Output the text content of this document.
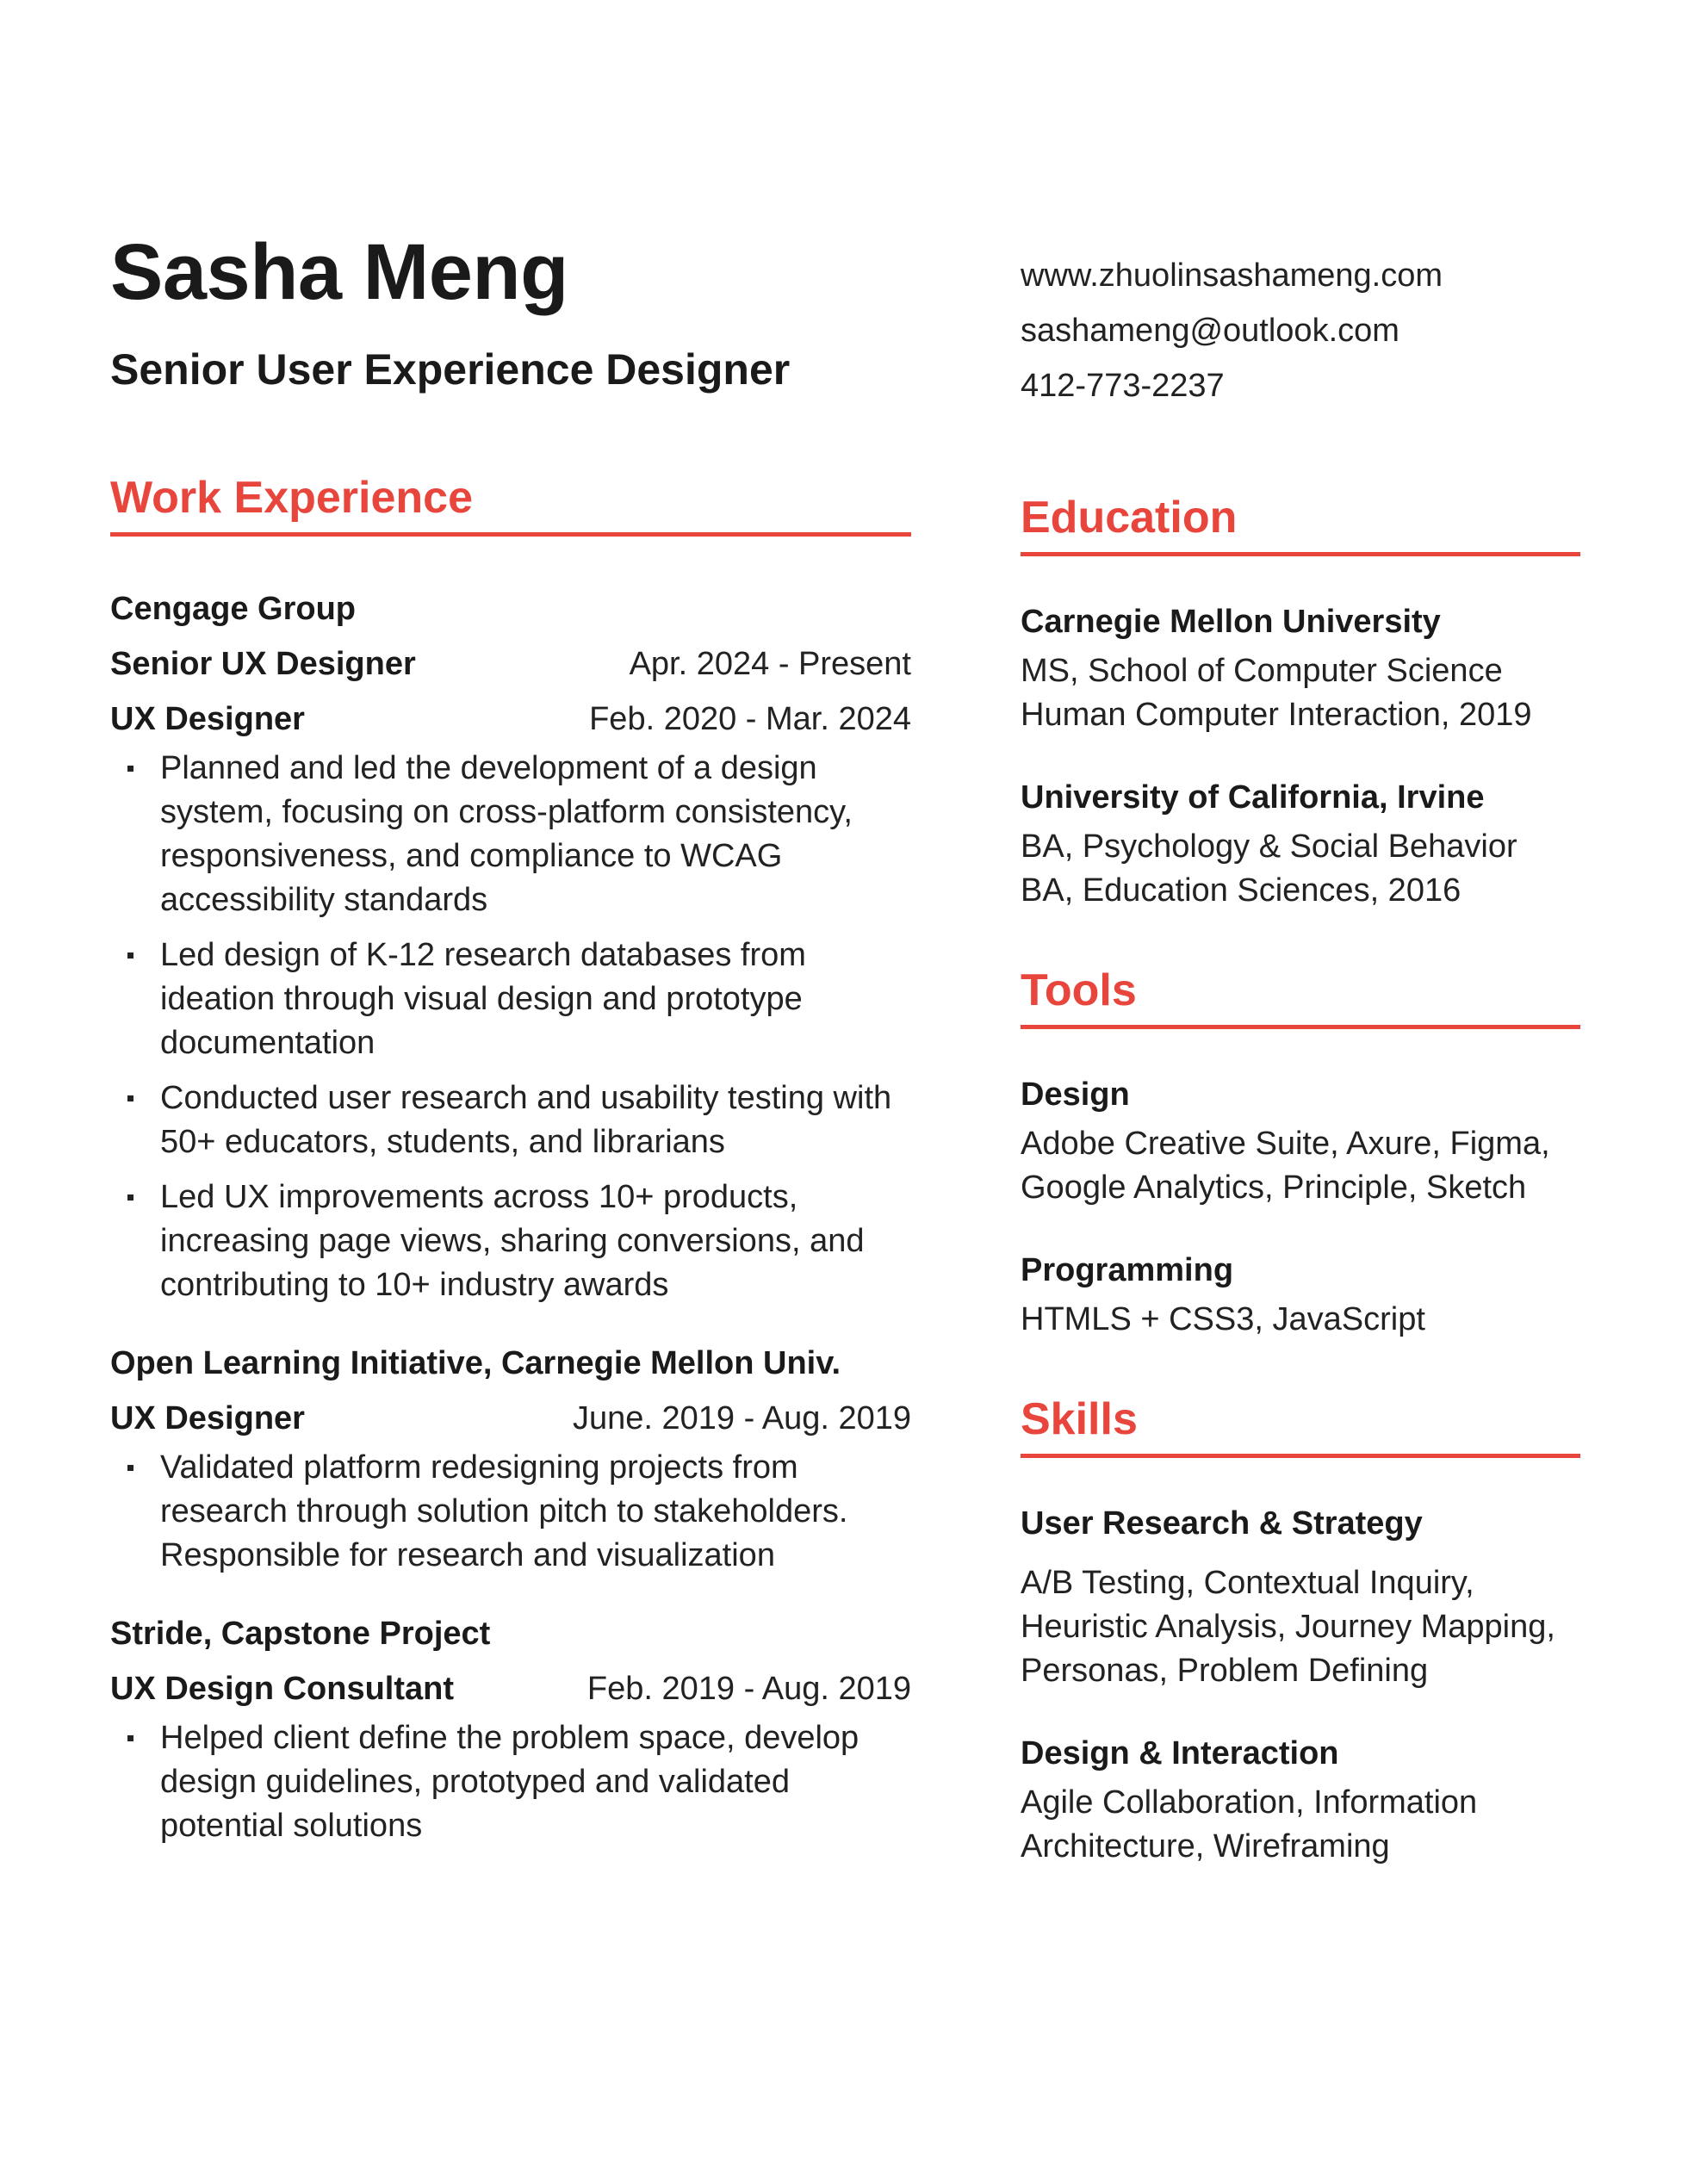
Sasha Meng
Senior User Experience Designer
Work Experience
Cengage Group
Senior UX Designer	Apr. 2024 - Present
UX Designer	Feb. 2020 - Mar. 2024
Planned and led the development of a design system, focusing on cross-platform consistency, responsiveness, and compliance to WCAG accessibility standards
Led design of K-12 research databases from ideation through visual design and prototype documentation
Conducted user research and usability testing with 50+ educators, students, and librarians
Led UX improvements across 10+ products, increasing page views, sharing conversions, and contributing to 10+ industry awards
Open Learning Initiative, Carnegie Mellon Univ.
UX Designer	June. 2019 - Aug. 2019
Validated platform redesigning projects from research through solution pitch to stakeholders. Responsible for research and visualization
Stride, Capstone Project
UX Design Consultant	Feb. 2019 - Aug. 2019
Helped client define the problem space, develop design guidelines, prototyped and validated potential solutions
www.zhuolinsashameng.com
sashameng@outlook.com
412-773-2237
Education
Carnegie Mellon University
MS, School of Computer Science
Human Computer Interaction, 2019
University of California, Irvine
BA, Psychology & Social Behavior
BA, Education Sciences, 2016
Tools
Design
Adobe Creative Suite, Axure, Figma, Google Analytics, Principle, Sketch
Programming
HTMLS + CSS3, JavaScript
Skills
User Research & Strategy
A/B Testing, Contextual Inquiry, Heuristic Analysis, Journey Mapping, Personas, Problem Defining
Design & Interaction
Agile Collaboration, Information Architecture, Wireframing
